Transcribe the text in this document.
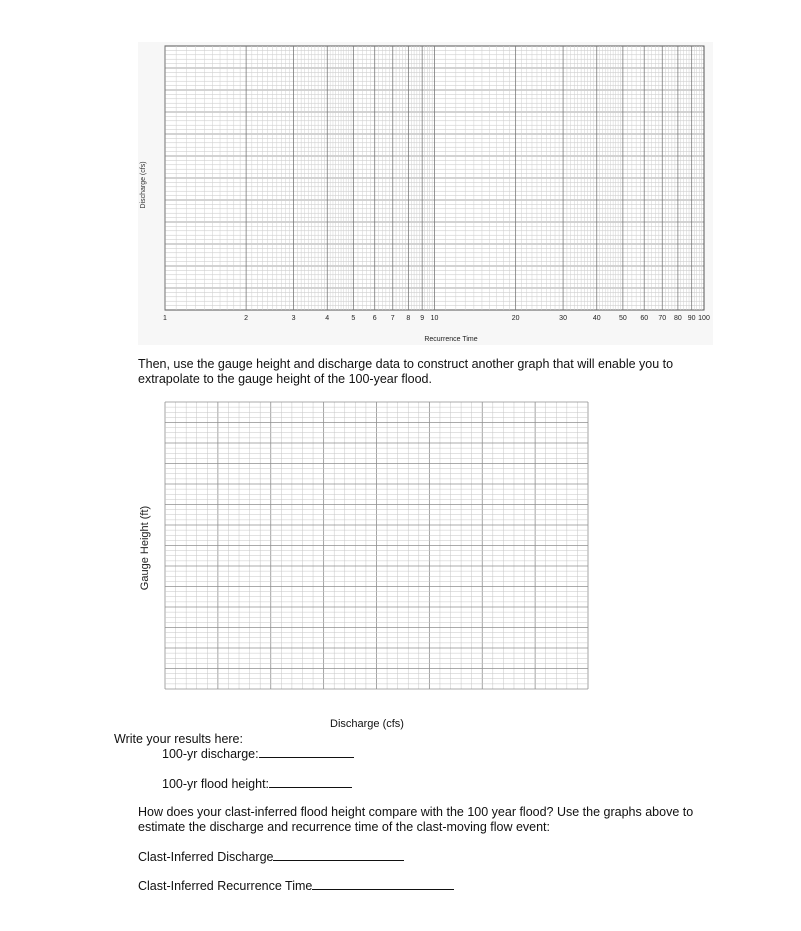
Discharge (cfs)
1	2	3	4	5 6 7 8 9 10	20	30	40	50 60 70 80 90 100
Recurrence Time
Then, use the gauge height and discharge data to construct another graph that will enable you to extrapolate to the gauge height of the 100-year flood.
Gauge Height (ft)
Discharge (cfs)
Write your results here:
100-yr discharge:
100-yr flood height:
How does your clast-inferred flood height compare with the 100 year flood? Use the graphs above to estimate the discharge and recurrence time of the clast-moving flow event:
Clast-Inferred Discharge
Clast-Inferred Recurrence Time
